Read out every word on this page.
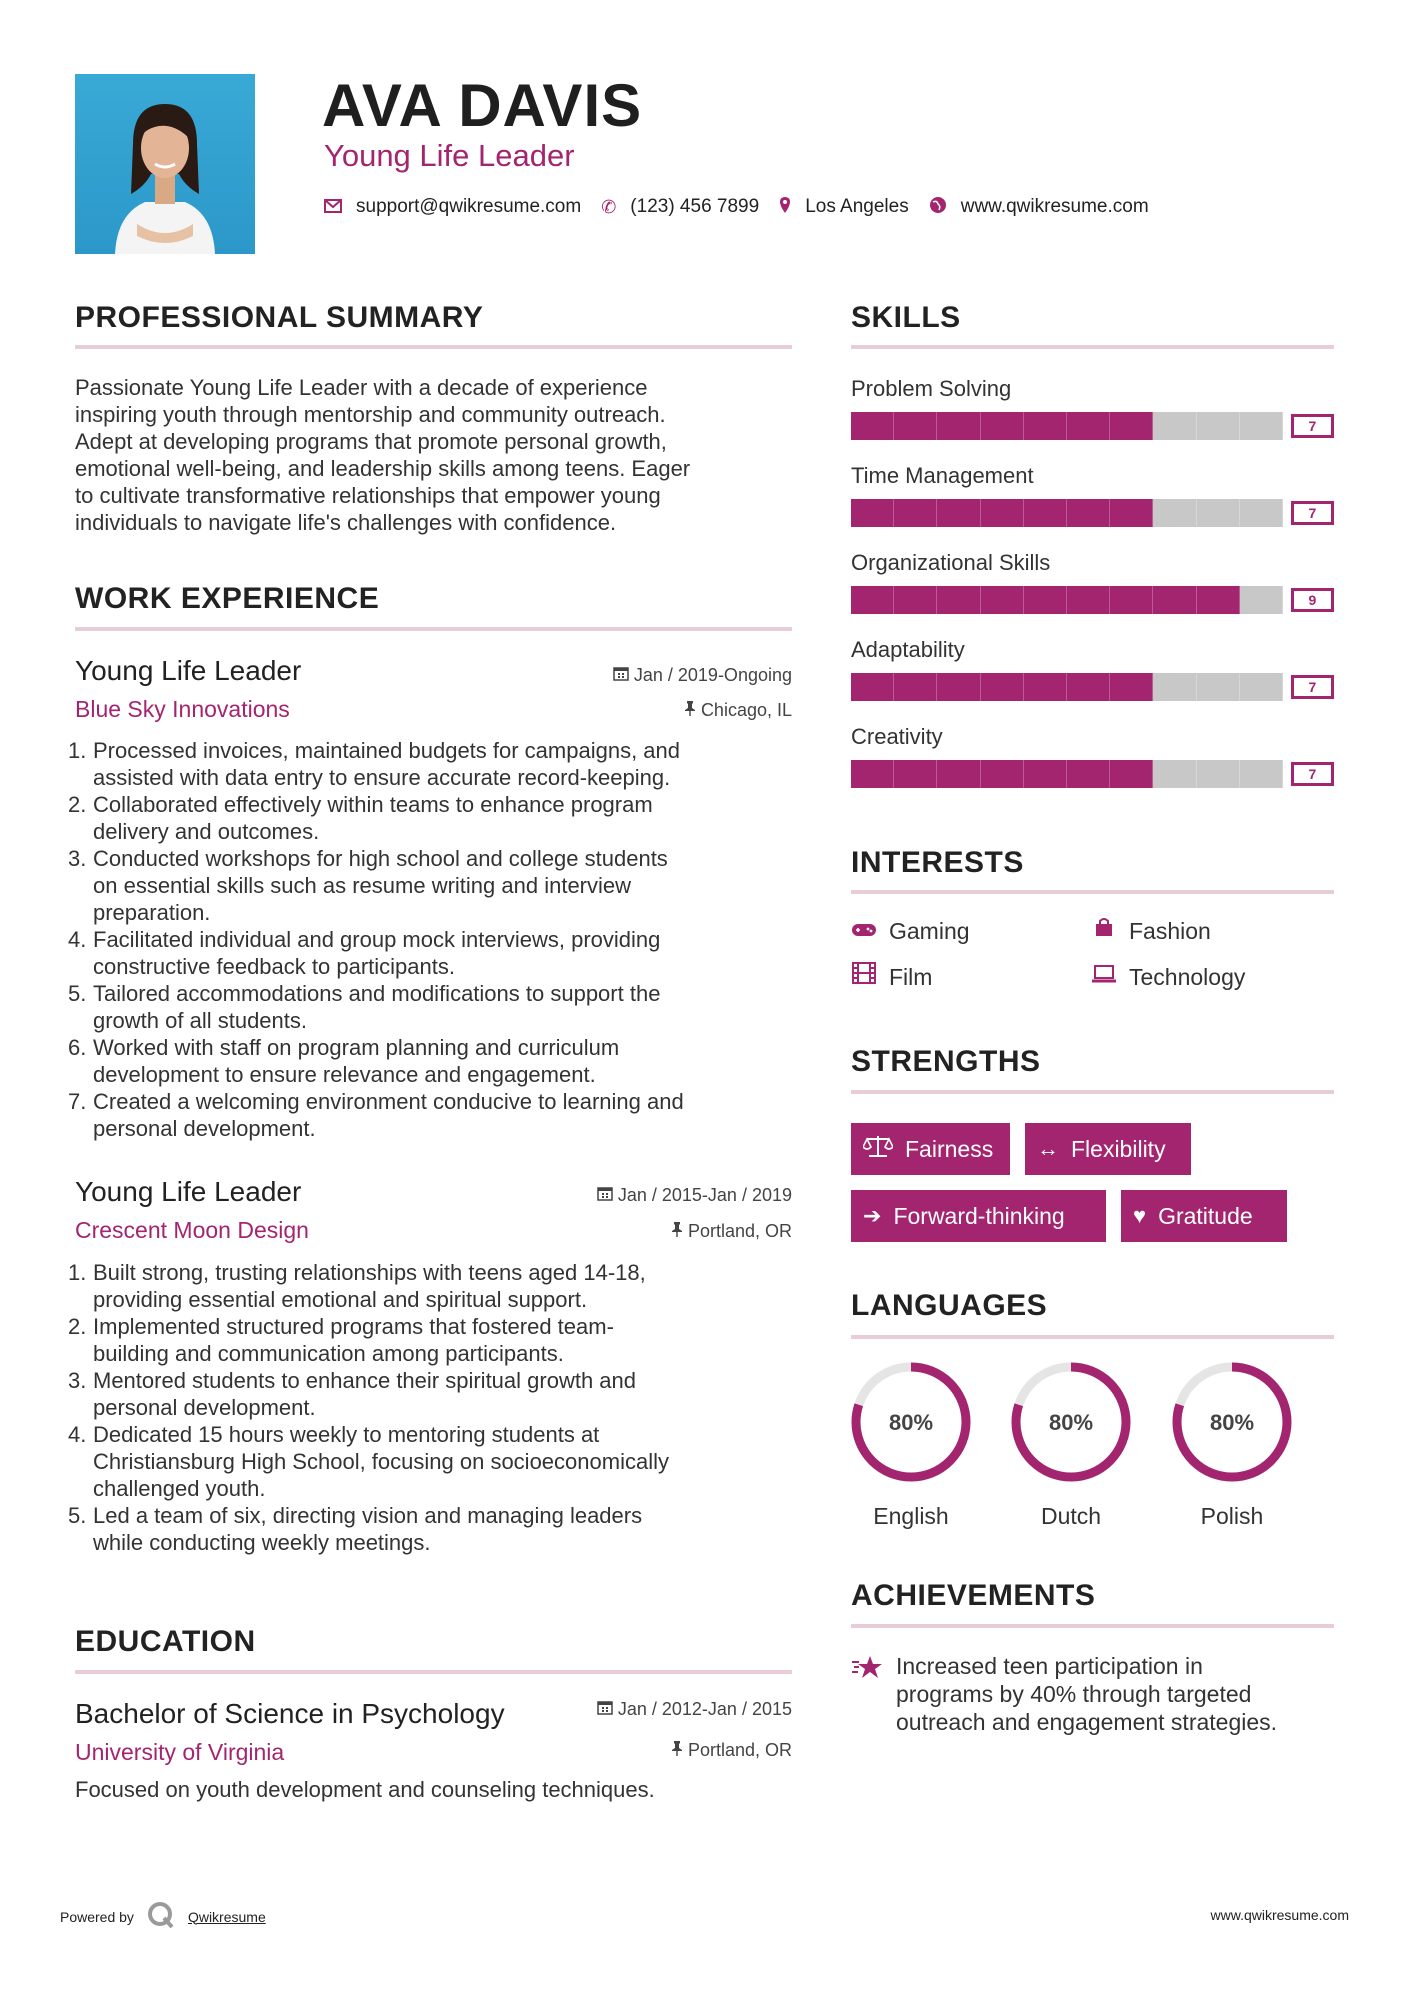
AVA DAVIS
Young Life Leader
support@qwikresume.com ✆ (123) 456 7899 Los Angeles	www.qwikresume.com
PROFESSIONAL SUMMARY
Passionate Young Life Leader with a decade of experience
inspiring youth through mentorship and community outreach.
Adept at developing programs that promote personal growth,
emotional well-being, and leadership skills among teens. Eager
to cultivate transformative relationships that empower young
individuals to navigate life's challenges with confidence.
WORK EXPERIENCE
Young Life Leader	Jan / 2019-Ongoing
Blue Sky Innovations	Chicago, IL
1. Processed invoices, maintained budgets for campaigns, and
assisted with data entry to ensure accurate record-keeping.
2. Collaborated effectively within teams to enhance program
delivery and outcomes.
3. Conducted workshops for high school and college students
on essential skills such as resume writing and interview
preparation.
4. Facilitated individual and group mock interviews, providing
constructive feedback to participants.
5. Tailored accommodations and modifications to support the
growth of all students.
6. Worked with staff on program planning and curriculum
development to ensure relevance and engagement.
7. Created a welcoming environment conducive to learning and
personal development.
Young Life Leader	Jan / 2015-Jan / 2019
Crescent Moon Design	Portland, OR
1. Built strong, trusting relationships with teens aged 14-18,
providing essential emotional and spiritual support.
2. Implemented structured programs that fostered team-
building and communication among participants.
3. Mentored students to enhance their spiritual growth and
personal development.
4. Dedicated 15 hours weekly to mentoring students at
Christiansburg High School, focusing on socioeconomically
challenged youth.
5. Led a team of six, directing vision and managing leaders
while conducting weekly meetings.
EDUCATION
Bachelor of Science in Psychology	Jan / 2012-Jan / 2015
University of Virginia	Portland, OR
Focused on youth development and counseling techniques.
SKILLS
Problem Solving
7
Time Management
7
Organizational Skills
9
Adaptability
7
Creativity
7
INTERESTS
Gaming	Fashion
Film	Technology
STRENGTHS
Fairness ↔ Flexibility
➔ Forward-thinking	♥ Gratitude
LANGUAGES
80%
English
80%
Dutch
80%
Polish
ACHIEVEMENTS
Increased teen participation in
programs by 40% through targeted
outreach and engagement strategies.
Powered by	Qwikresume	www.qwikresume.com
